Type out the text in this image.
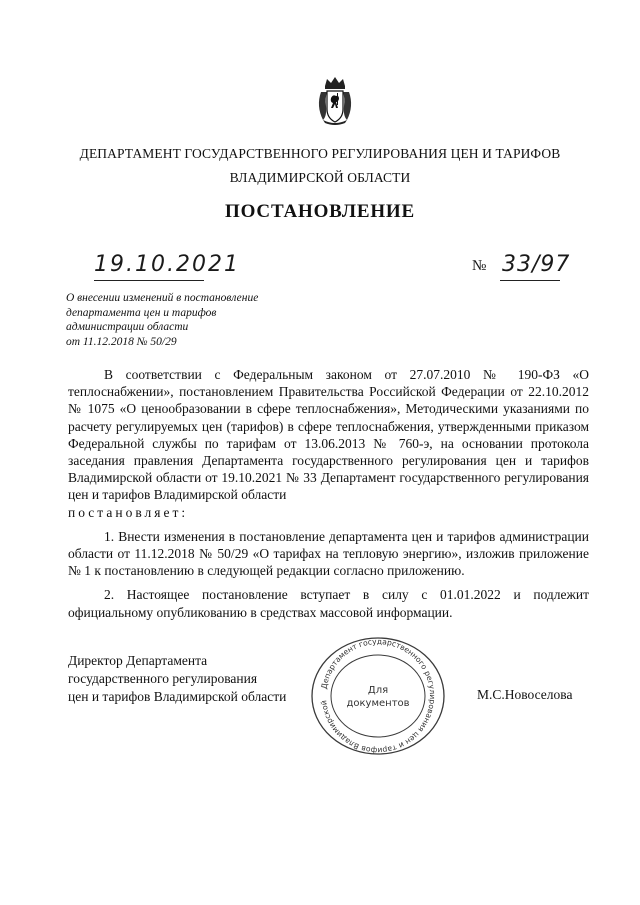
ДЕПАРТАМЕНТ ГОСУДАРСТВЕННОГО РЕГУЛИРОВАНИЯ ЦЕН И ТАРИФОВ
ВЛАДИМИРСКОЙ ОБЛАСТИ
ПОСТАНОВЛЕНИЕ
19.10.2021	№ 33/97
О внесении изменений в постановление
департамента цен и тарифов
администрации области
от 11.12.2018 № 50/29

В соответствии с Федеральным законом от 27.07.2010 № 190-ФЗ «О теплоснабжении», постановлением Правительства Российской Федерации от 22.10.2012 № 1075 «О ценообразовании в сфере теплоснабжения», Методическими указаниями по расчету регулируемых цен (тарифов) в сфере теплоснабжения, утвержденными приказом Федеральной службы по тарифам от 13.06.2013 № 760-э, на основании протокола заседания правления Департамента государственного регулирования цен и тарифов Владимирской области от 19.10.2021 № 33 Департамент государственного регулирования цен и тарифов Владимирской области

постановляет:

1. Внести изменения в постановление департамента цен и тарифов администрации области от 11.12.2018 № 50/29 «О тарифах на тепловую энергию», изложив приложение № 1 к постановлению в следующей редакции согласно приложению.

2. Настоящее постановление вступает в силу с 01.01.2022 и подлежит официальному опубликованию в средствах массовой информации.

Директор Департамента
государственного регулирования
цен и тарифов Владимирской области	М.С.Новоселова
Департамент государственного регулирования цен и тарифов Владимирской
Для
документов
